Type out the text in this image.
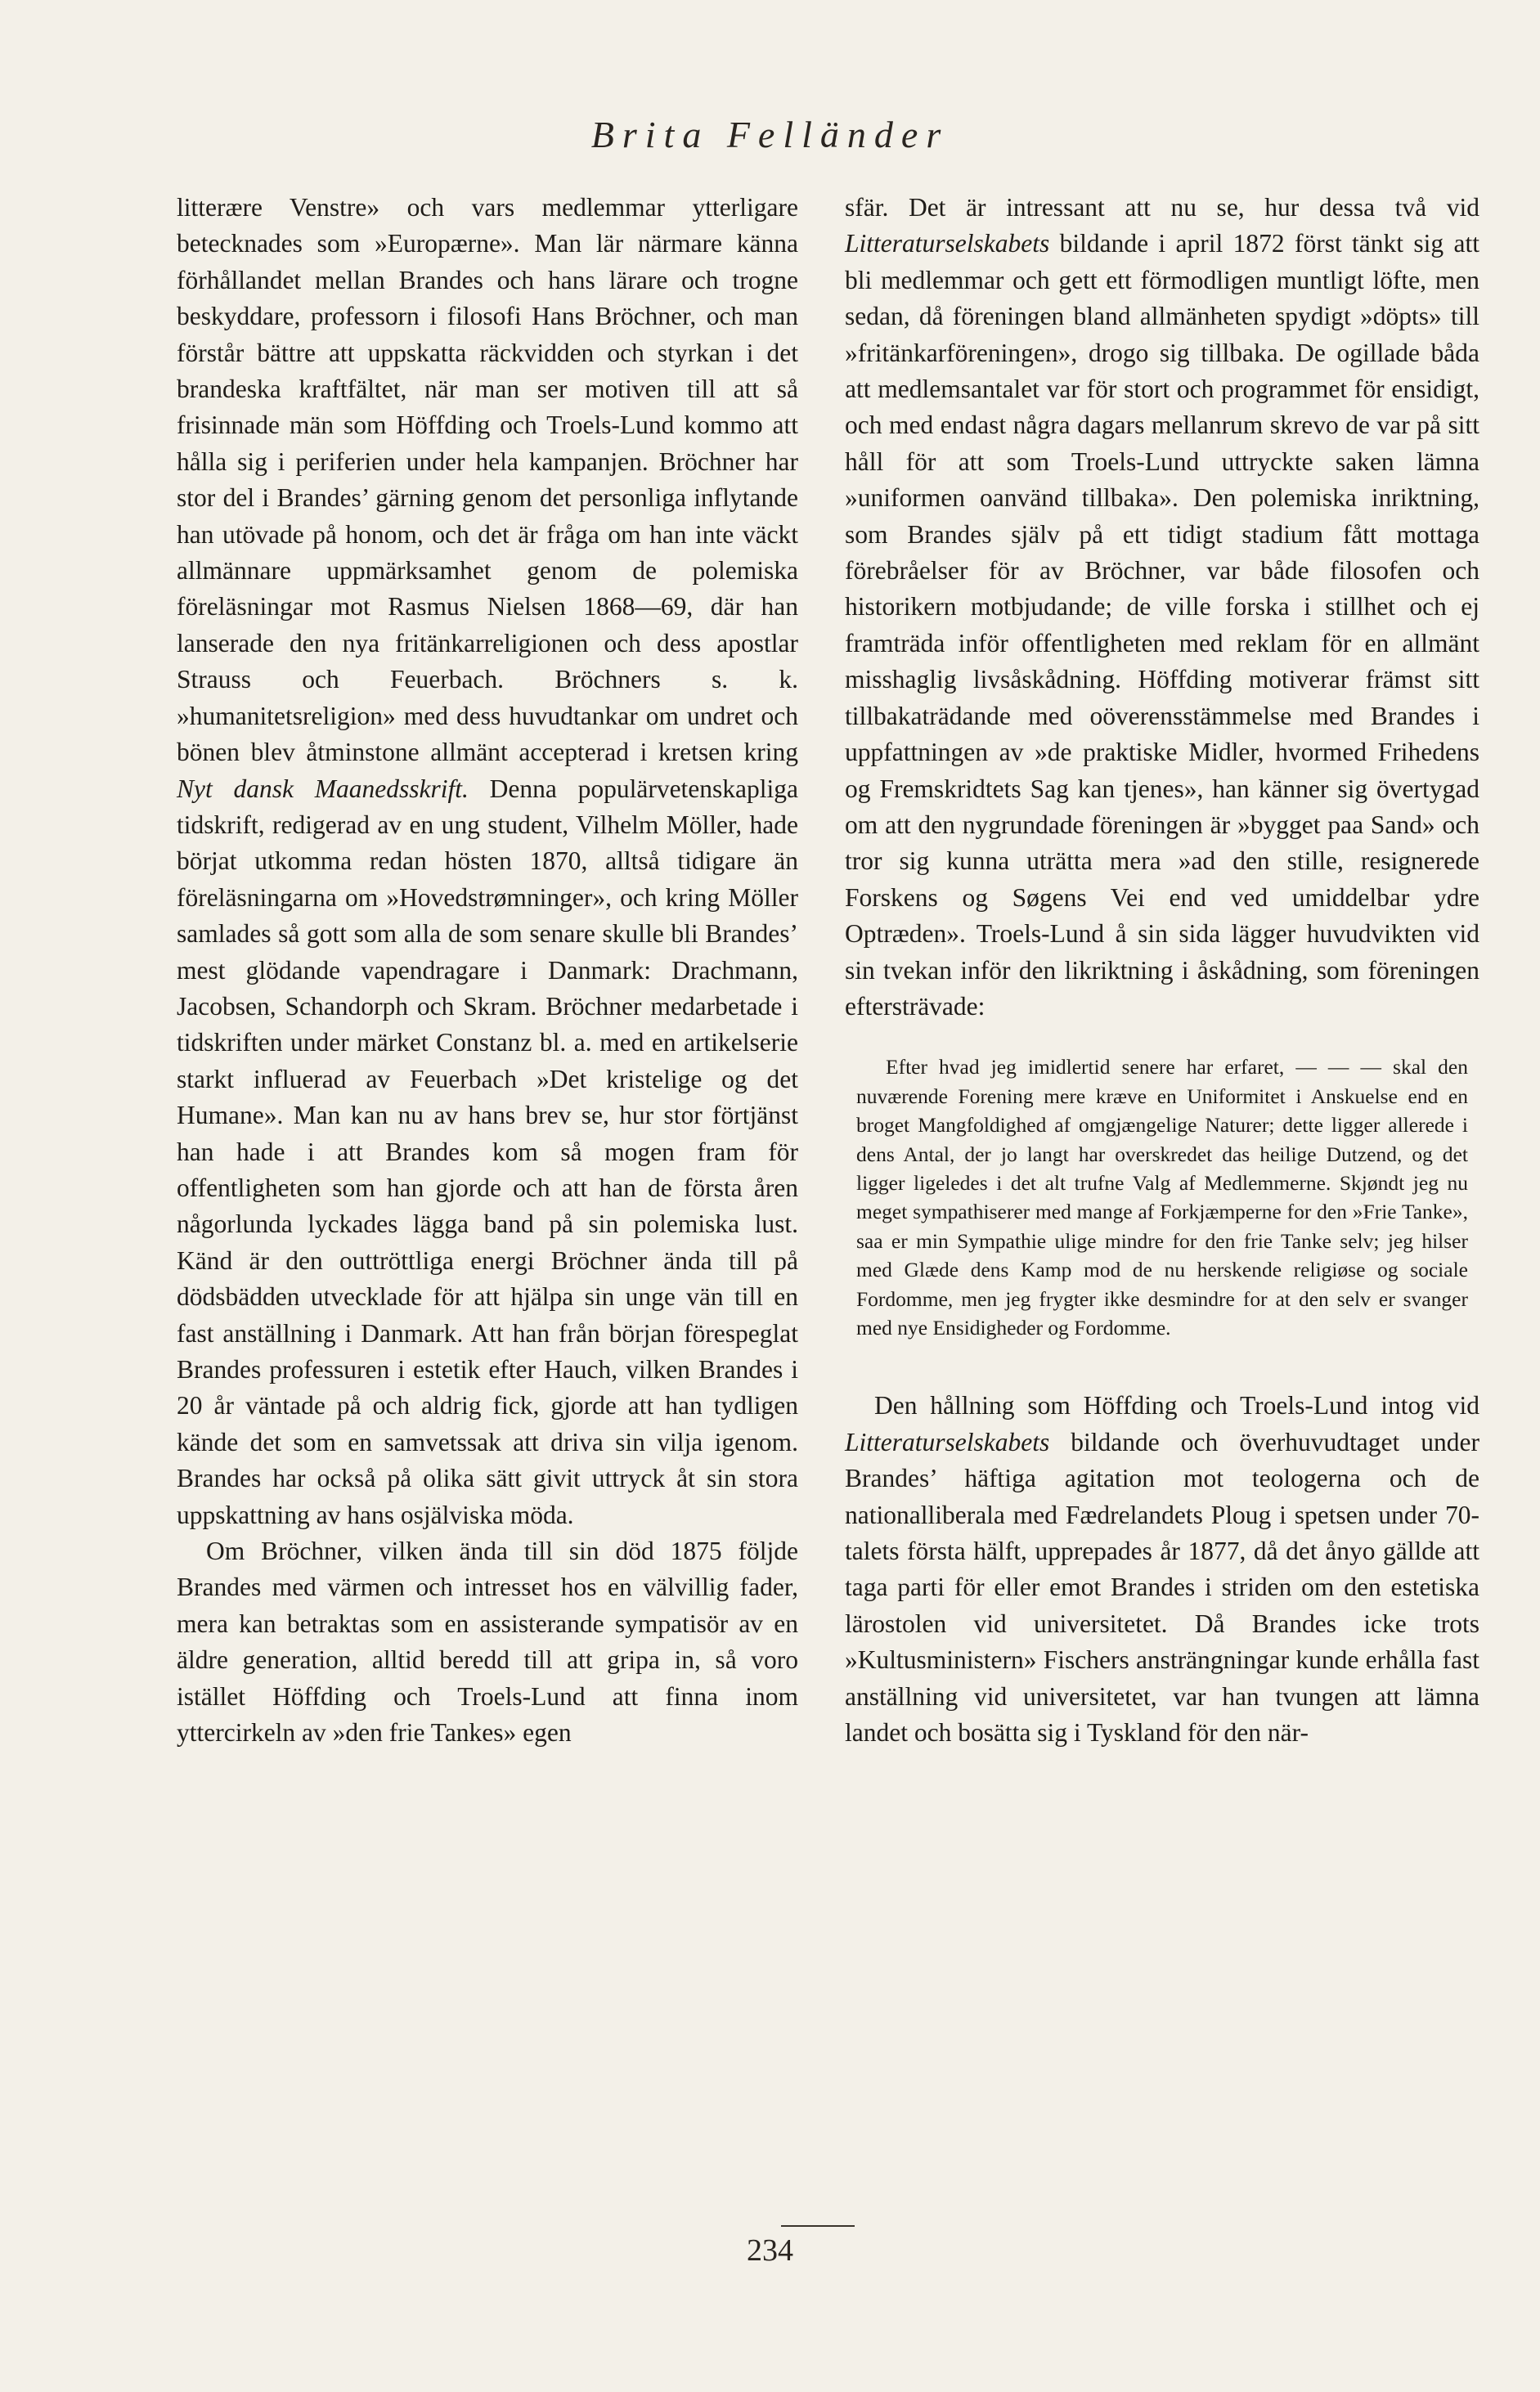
Brita Felländer

litterære Venstre» och vars medlemmar ytterligare betecknades som »Europærne». Man lär närmare känna förhållandet mellan Brandes och hans lärare och trogne beskyddare, professorn i filosofi Hans Bröchner, och man förstår bättre att uppskatta räckvidden och styrkan i det brandeska kraftfältet, när man ser motiven till att så frisinnade män som Höffding och Troels-Lund kommo att hålla sig i periferien under hela kampanjen. Bröchner har stor del i Brandes’ gärning genom det personliga inflytande han utövade på honom, och det är fråga om han inte väckt allmännare uppmärksamhet genom de polemiska föreläsningar mot Rasmus Nielsen 1868—69, där han lanserade den nya fritänkarreligionen och dess apostlar Strauss och Feuerbach. Bröchners s. k. »humanitetsreligion» med dess huvudtankar om undret och bönen blev åtminstone allmänt accepterad i kretsen kring Nyt dansk Maanedsskrift. Denna populärvetenskapliga tidskrift, redigerad av en ung student, Vilhelm Möller, hade börjat utkomma redan hösten 1870, alltså tidigare än föreläsningarna om »Hovedstrømninger», och kring Möller samlades så gott som alla de som senare skulle bli Brandes’ mest glödande vapendragare i Danmark: Drachmann, Jacobsen, Schandorph och Skram. Bröchner medarbetade i tidskriften under märket Constanz bl. a. med en artikelserie starkt influerad av Feuerbach »Det kristelige og det Humane». Man kan nu av hans brev se, hur stor förtjänst han hade i att Brandes kom så mogen fram för offentligheten som han gjorde och att han de första åren någorlunda lyckades lägga band på sin polemiska lust. Känd är den outtröttliga energi Bröchner ända till på dödsbädden utvecklade för att hjälpa sin unge vän till en fast anställning i Danmark. Att han från början förespeglat Brandes professuren i estetik efter Hauch, vilken Brandes i 20 år väntade på och aldrig fick, gjorde att han tydligen kände det som en samvetssak att driva sin vilja igenom. Brandes har också på olika sätt givit uttryck åt sin stora uppskattning av hans osjälviska möda.

Om Bröchner, vilken ända till sin död 1875 följde Brandes med värmen och intresset hos en välvillig fader, mera kan betraktas som en assisterande sympatisör av en äldre generation, alltid beredd till att gripa in, så voro istället Höffding och Troels-Lund att finna inom yttercirkeln av »den frie Tankes» egen

sfär. Det är intressant att nu se, hur dessa två vid Litteraturselskabets bildande i april 1872 först tänkt sig att bli medlemmar och gett ett förmodligen muntligt löfte, men sedan, då föreningen bland allmänheten spydigt »döpts» till »fritänkarföreningen», drogo sig tillbaka. De ogillade båda att medlemsantalet var för stort och programmet för ensidigt, och med endast några dagars mellanrum skrevo de var på sitt håll för att som Troels-Lund uttryckte saken lämna »uniformen oanvänd tillbaka». Den polemiska inriktning, som Brandes själv på ett tidigt stadium fått mottaga förebråelser för av Bröchner, var både filosofen och historikern motbjudande; de ville forska i stillhet och ej framträda inför offentligheten med reklam för en allmänt misshaglig livsåskådning. Höffding motiverar främst sitt tillbakaträdande med oöverensstämmelse med Brandes i uppfattningen av »de praktiske Midler, hvormed Frihedens og Fremskridtets Sag kan tjenes», han känner sig övertygad om att den nygrundade föreningen är »bygget paa Sand» och tror sig kunna uträtta mera »ad den stille, resignerede Forskens og Søgens Vei end ved umiddelbar ydre Optræden». Troels-Lund å sin sida lägger huvudvikten vid sin tvekan inför den likriktning i åskådning, som föreningen eftersträvade:

Efter hvad jeg imidlertid senere har erfaret, — — — skal den nuværende Forening mere kræve en Uniformitet i Anskuelse end en broget Mangfoldighed af omgjængelige Naturer; dette ligger allerede i dens Antal, der jo langt har overskredet das heilige Dutzend, og det ligger ligeledes i det alt trufne Valg af Medlemmerne. Skjøndt jeg nu meget sympathiserer med mange af Forkjæmperne for den »Frie Tanke», saa er min Sympathie ulige mindre for den frie Tanke selv; jeg hilser med Glæde dens Kamp mod de nu herskende religiøse og sociale Fordomme, men jeg frygter ikke desmindre for at den selv er svanger med nye Ensidigheder og Fordomme.

Den hållning som Höffding och Troels-Lund intog vid Litteraturselskabets bildande och överhuvudtaget under Brandes’ häftiga agitation mot teologerna och de nationalliberala med Fædrelandets Ploug i spetsen under 70-talets första hälft, upprepades år 1877, då det ånyo gällde att taga parti för eller emot Brandes i striden om den estetiska lärostolen vid universitetet. Då Brandes icke trots »Kultusministern» Fischers ansträngningar kunde erhålla fast anställning vid universitetet, var han tvungen att lämna landet och bosätta sig i Tyskland för den när-

234
